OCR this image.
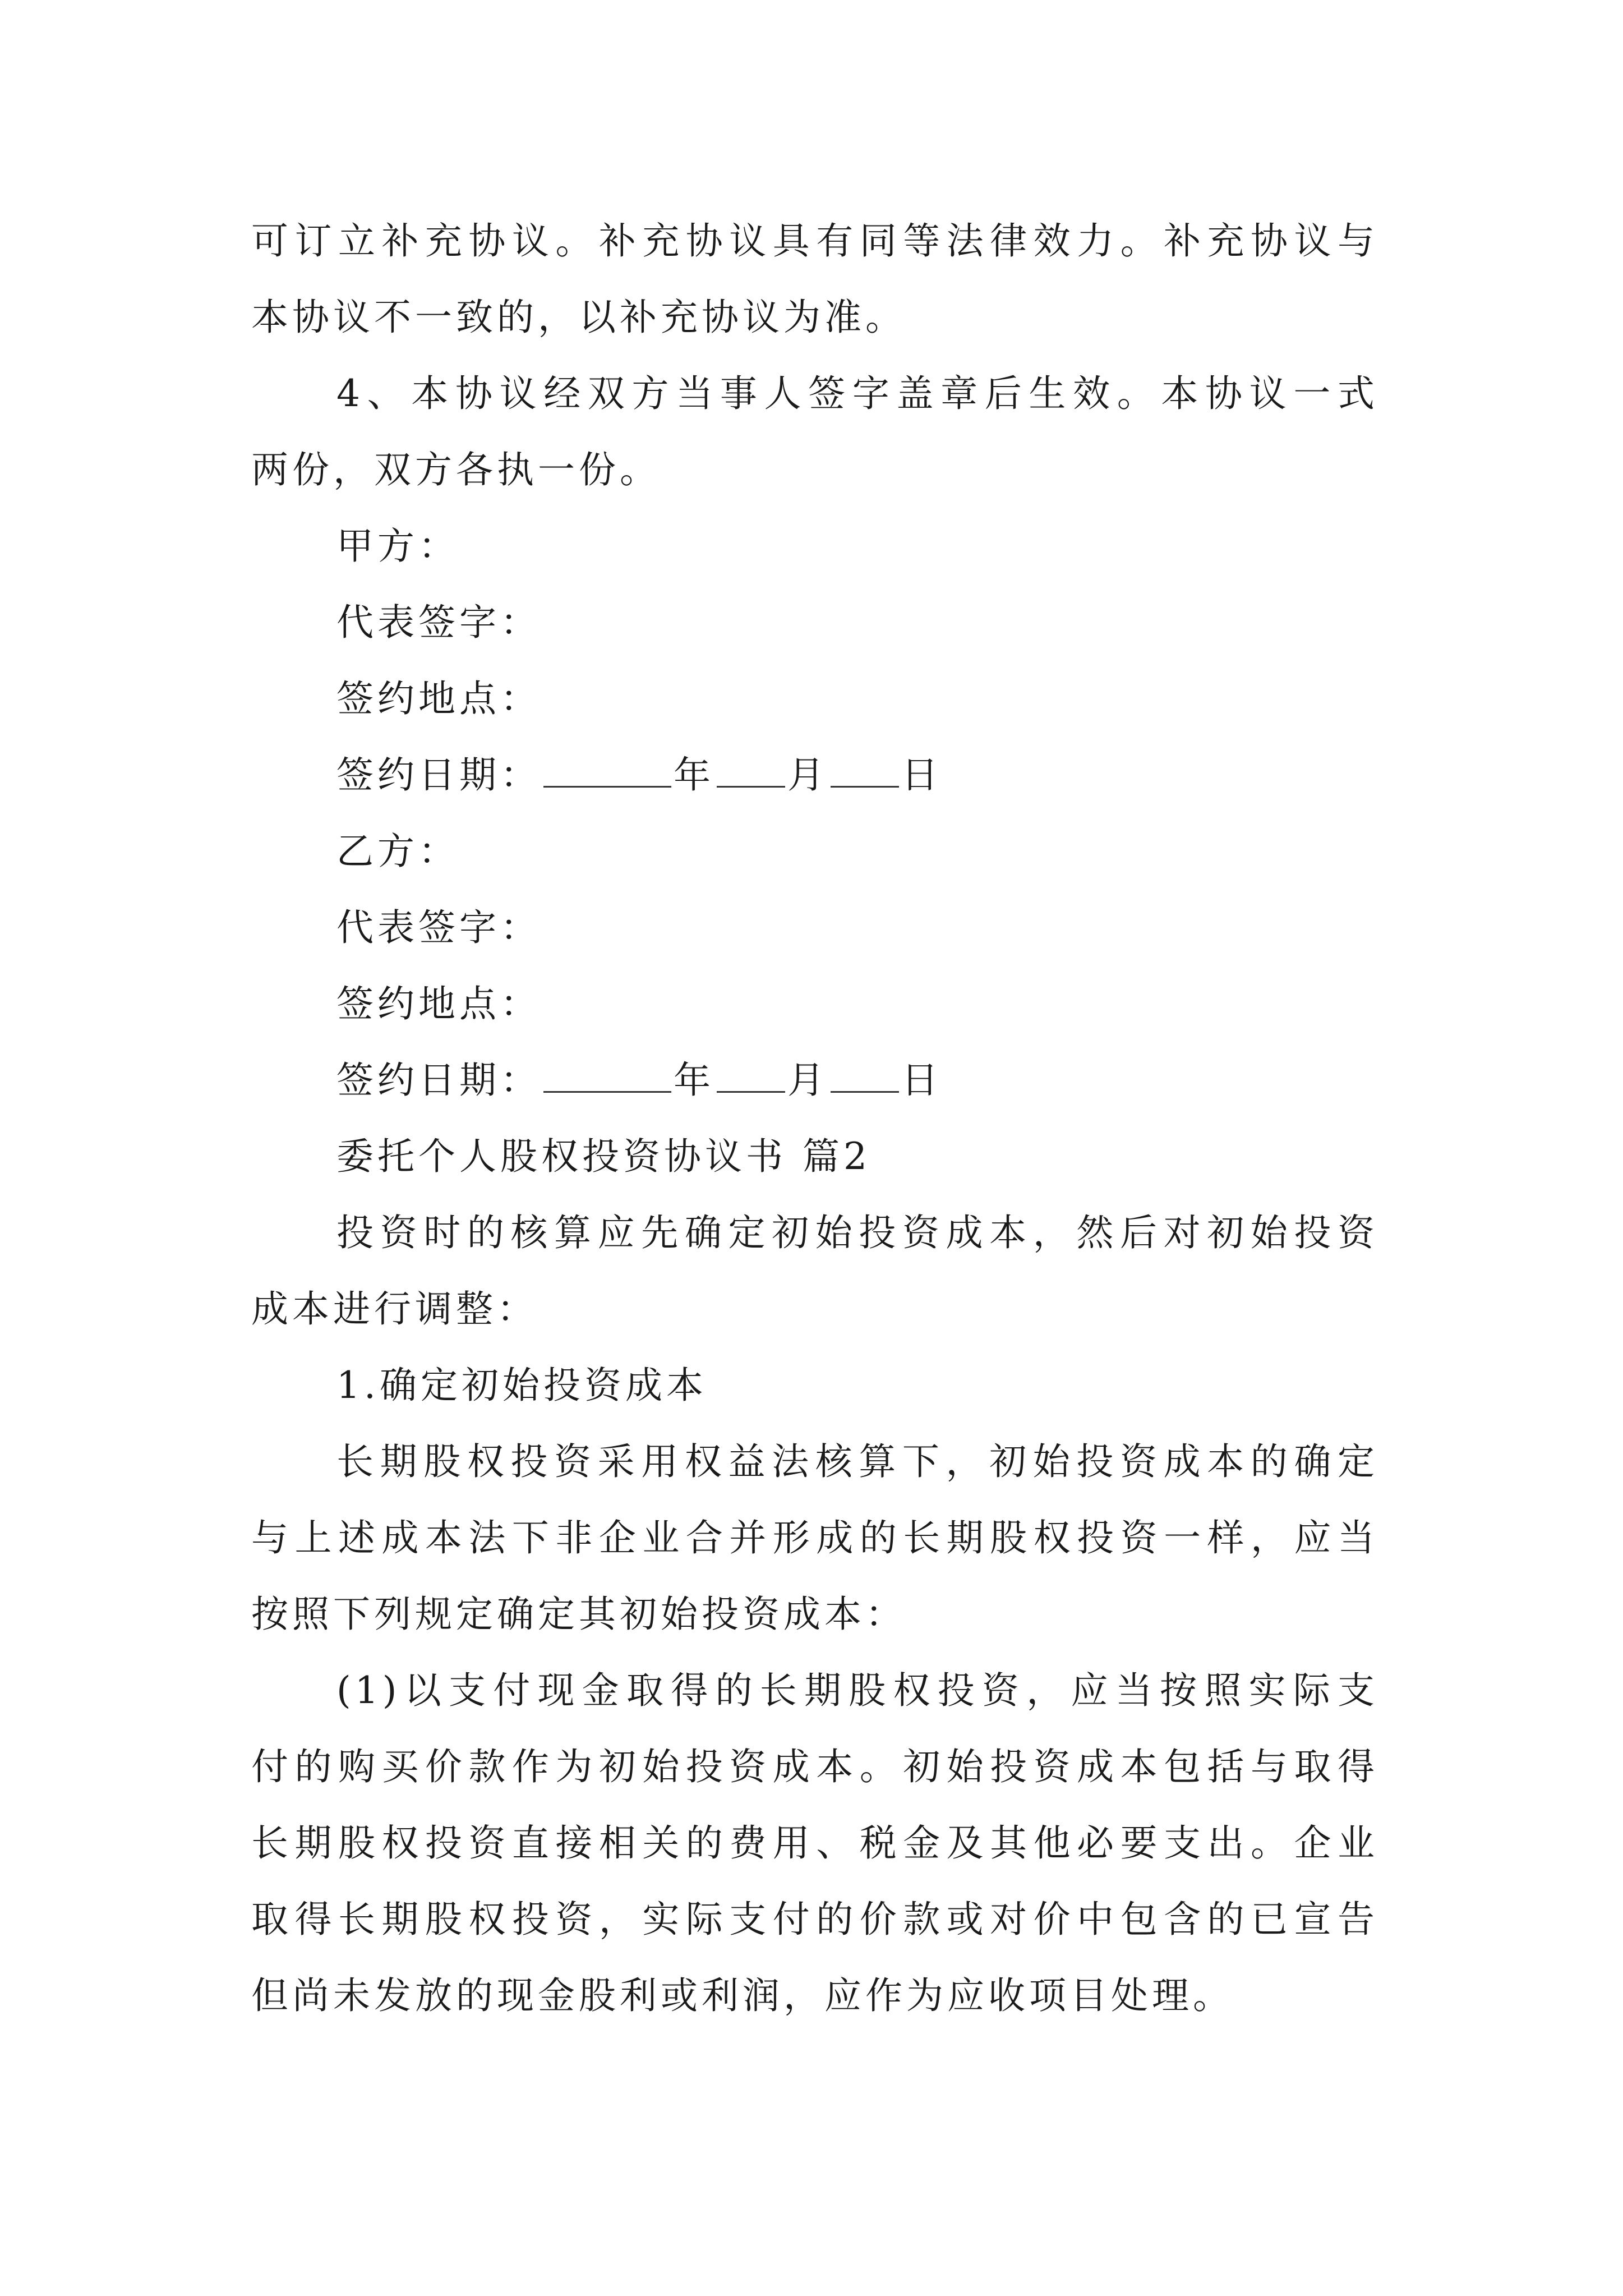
可订立补充协议。补充协议具有同等法律效力。补充协议与
本协议不一致的，以补充协议为准。
4、本协议经双方当事人签字盖章后生效。本协议一式
两份，双方各执一份。
甲方：
代表签字：
签约地点：
签约日期：	年 月 日
乙方：
代表签字：
签约地点：
签约日期：	年 月 日
委托个人股权投资协议书 篇2
投资时的核算应先确定初始投资成本，然后对初始投资
成本进行调整：
1.确定初始投资成本
长期股权投资采用权益法核算下，初始投资成本的确定
与上述成本法下非企业合并形成的长期股权投资一样，应当
按照下列规定确定其初始投资成本：
(1)以支付现金取得的长期股权投资，应当按照实际支
付的购买价款作为初始投资成本。初始投资成本包括与取得
长期股权投资直接相关的费用、税金及其他必要支出。企业
取得长期股权投资，实际支付的价款或对价中包含的已宣告
但尚未发放的现金股利或利润，应作为应收项目处理。
